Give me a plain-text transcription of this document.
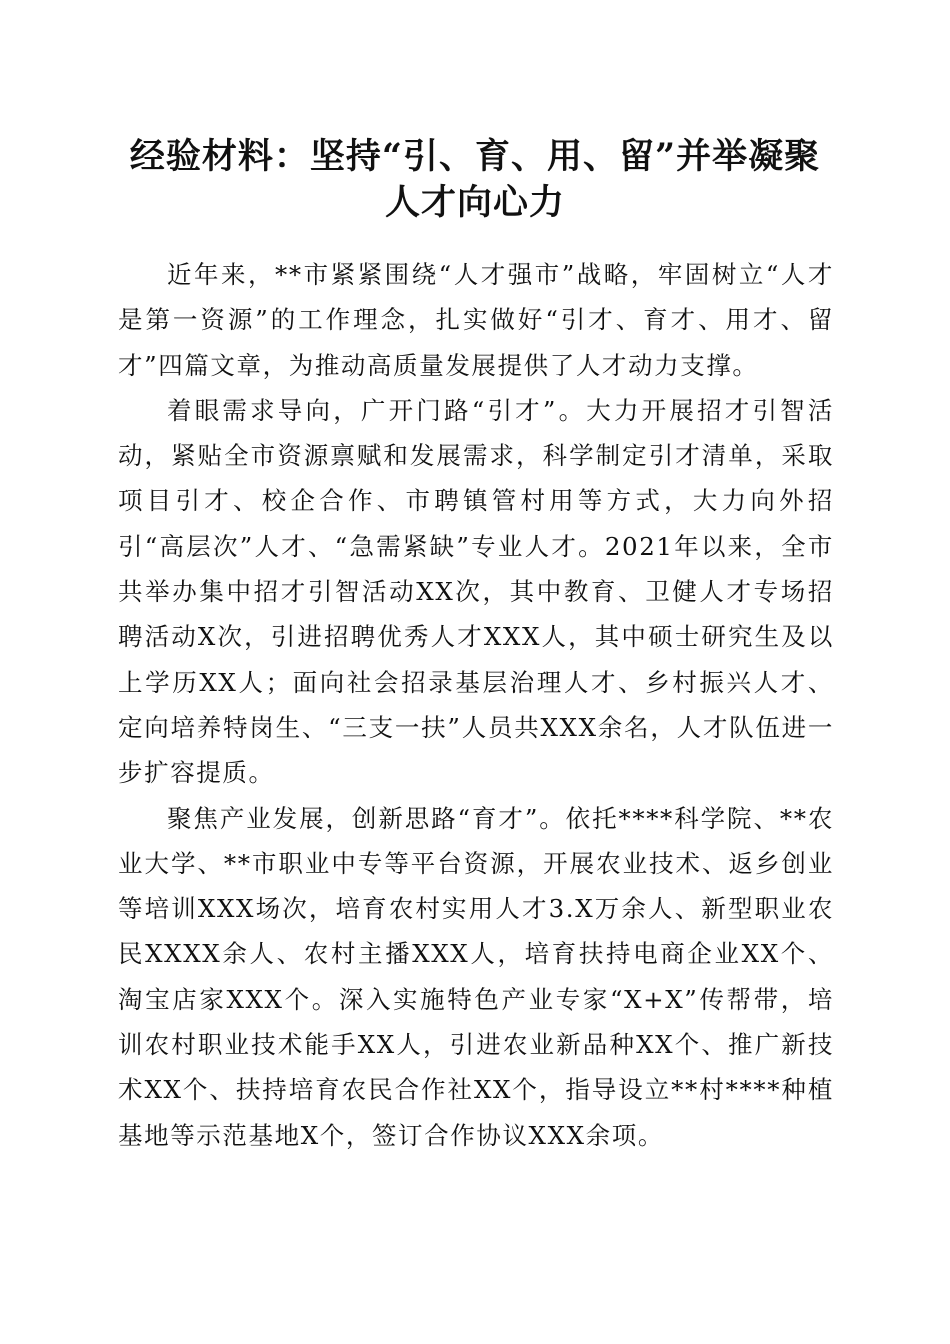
经验材料：坚持“引、育、用、留”并举凝聚
人才向心力

近年来，**市紧紧围绕“人才强市”战略，牢固树立“人才是第一资源”的工作理念，扎实做好“引才、育才、用才、留才”四篇文章，为推动高质量发展提供了人才动力支撑。

着眼需求导向，广开门路“引才”。大力开展招才引智活动，紧贴全市资源禀赋和发展需求，科学制定引才清单，采取项目引才、校企合作、市聘镇管村用等方式，大力向外招引“高层次”人才、“急需紧缺”专业人才。2021年以来，全市共举办集中招才引智活动XX次，其中教育、卫健人才专场招聘活动X次，引进招聘优秀人才XXX人，其中硕士研究生及以上学历XX人；面向社会招录基层治理人才、乡村振兴人才、定向培养特岗生、“三支一扶”人员共XXX余名，人才队伍进一步扩容提质。

聚焦产业发展，创新思路“育才”。依托****科学院、**农业大学、**市职业中专等平台资源，开展农业技术、返乡创业等培训XXX场次，培育农村实用人才3.X万余人、新型职业农民XXXX余人、农村主播XXX人，培育扶持电商企业XX个、淘宝店家XXX个。深入实施特色产业专家“X+X”传帮带，培训农村职业技术能手XX人，引进农业新品种XX个、推广新技术XX个、扶持培育农民合作社XX个，指导设立**村****种植基地等示范基地X个，签订合作协议XXX余项。
